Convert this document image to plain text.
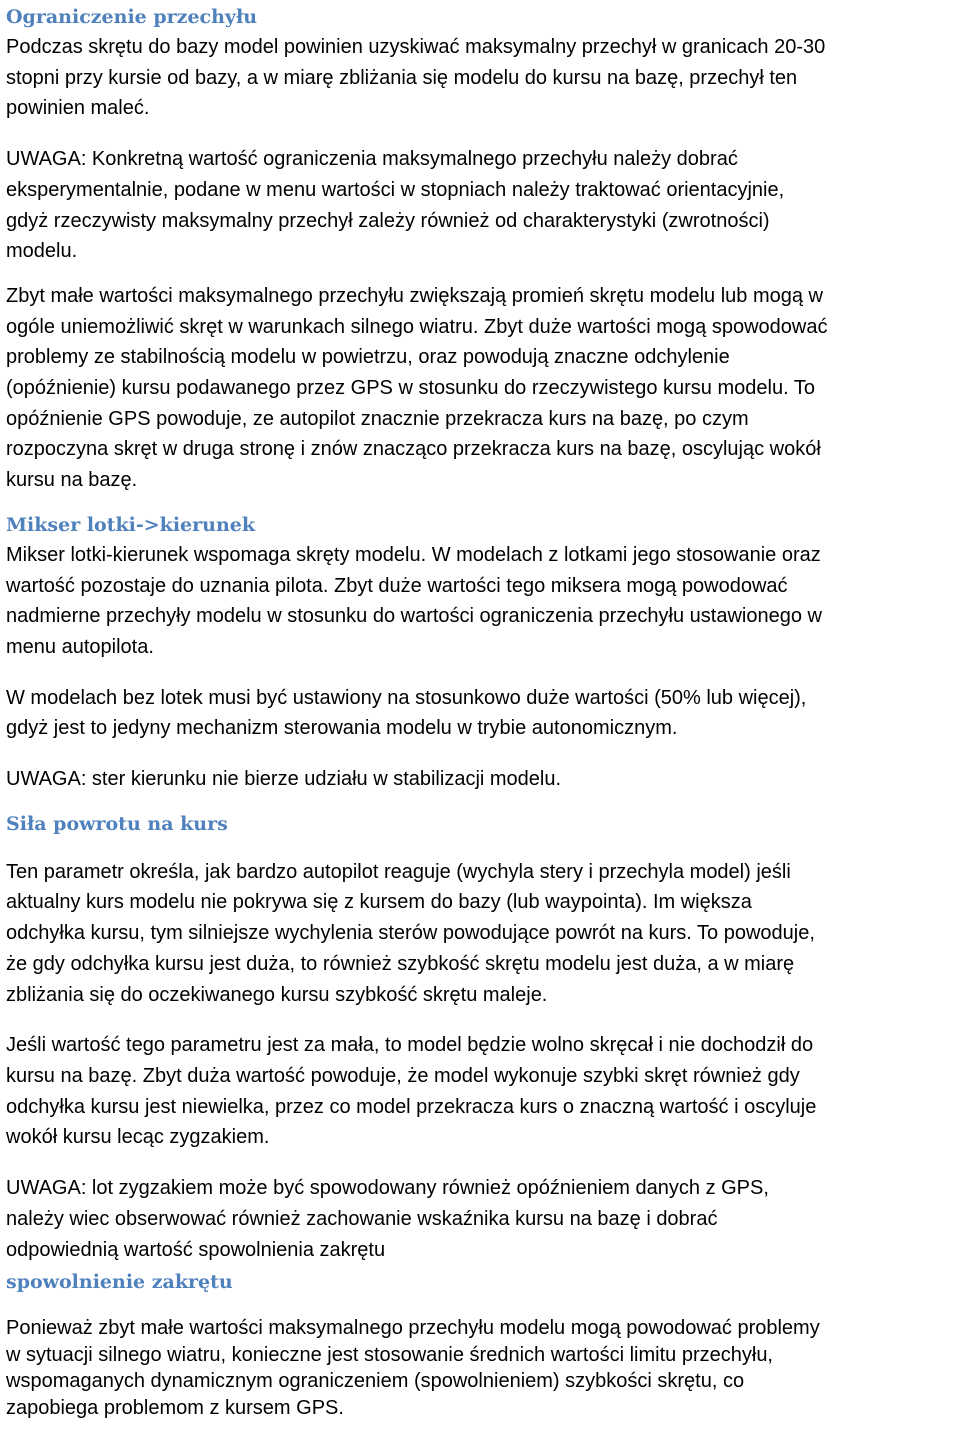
Ograniczenie przechyłu

Podczas skrętu do bazy model powinien uzyskiwać maksymalny przechył w granicach 20-30
stopni przy kursie od bazy, a w miarę zbliżania się modelu do kursu na bazę, przechył ten
powinien maleć.

UWAGA: Konkretną wartość ograniczenia maksymalnego przechyłu należy dobrać
eksperymentalnie, podane w menu wartości w stopniach należy traktować orientacyjnie,
gdyż rzeczywisty maksymalny przechył zależy również od charakterystyki (zwrotności)
modelu.

Zbyt małe wartości maksymalnego przechyłu zwiększają promień skrętu modelu lub mogą w
ogóle uniemożliwić skręt w warunkach silnego wiatru. Zbyt duże wartości mogą spowodować
problemy ze stabilnością modelu w powietrzu, oraz powodują znaczne odchylenie
(opóźnienie) kursu podawanego przez GPS w stosunku do rzeczywistego kursu modelu. To
opóźnienie GPS powoduje, ze autopilot znacznie przekracza kurs na bazę, po czym
rozpoczyna skręt w druga stronę i znów znacząco przekracza kurs na bazę, oscylując wokół
kursu na bazę.

Mikser lotki->kierunek

Mikser lotki-kierunek wspomaga skręty modelu. W modelach z lotkami jego stosowanie oraz
wartość pozostaje do uznania pilota. Zbyt duże wartości tego miksera mogą powodować
nadmierne przechyły modelu w stosunku do wartości ograniczenia przechyłu ustawionego w
menu autopilota.

W modelach bez lotek musi być ustawiony na stosunkowo duże wartości (50% lub więcej),
gdyż jest to jedyny mechanizm sterowania modelu w trybie autonomicznym.

UWAGA: ster kierunku nie bierze udziału w stabilizacji modelu.

Siła powrotu na kurs

Ten parametr określa, jak bardzo autopilot reaguje (wychyla stery i przechyla model) jeśli
aktualny kurs modelu nie pokrywa się z kursem do bazy (lub waypointa). Im większa
odchyłka kursu, tym silniejsze wychylenia sterów powodujące powrót na kurs. To powoduje,
że gdy odchyłka kursu jest duża, to również szybkość skrętu modelu jest duża, a w miarę
zbliżania się do oczekiwanego kursu szybkość skrętu maleje.

Jeśli wartość tego parametru jest za mała, to model będzie wolno skręcał i nie dochodził do
kursu na bazę. Zbyt duża wartość powoduje, że model wykonuje szybki skręt również gdy
odchyłka kursu jest niewielka, przez co model przekracza kurs o znaczną wartość i oscyluje
wokół kursu lecąc zygzakiem.

UWAGA: lot zygzakiem może być spowodowany również opóźnieniem danych z GPS,
należy wiec obserwować również zachowanie wskaźnika kursu na bazę i dobrać
odpowiednią wartość spowolnienia zakrętu

spowolnienie zakrętu

Ponieważ zbyt małe wartości maksymalnego przechyłu modelu mogą powodować problemy
w sytuacji silnego wiatru, konieczne jest stosowanie średnich wartości limitu przechyłu,
wspomaganych dynamicznym ograniczeniem (spowolnieniem) szybkości skrętu, co
zapobiega problemom z kursem GPS.
